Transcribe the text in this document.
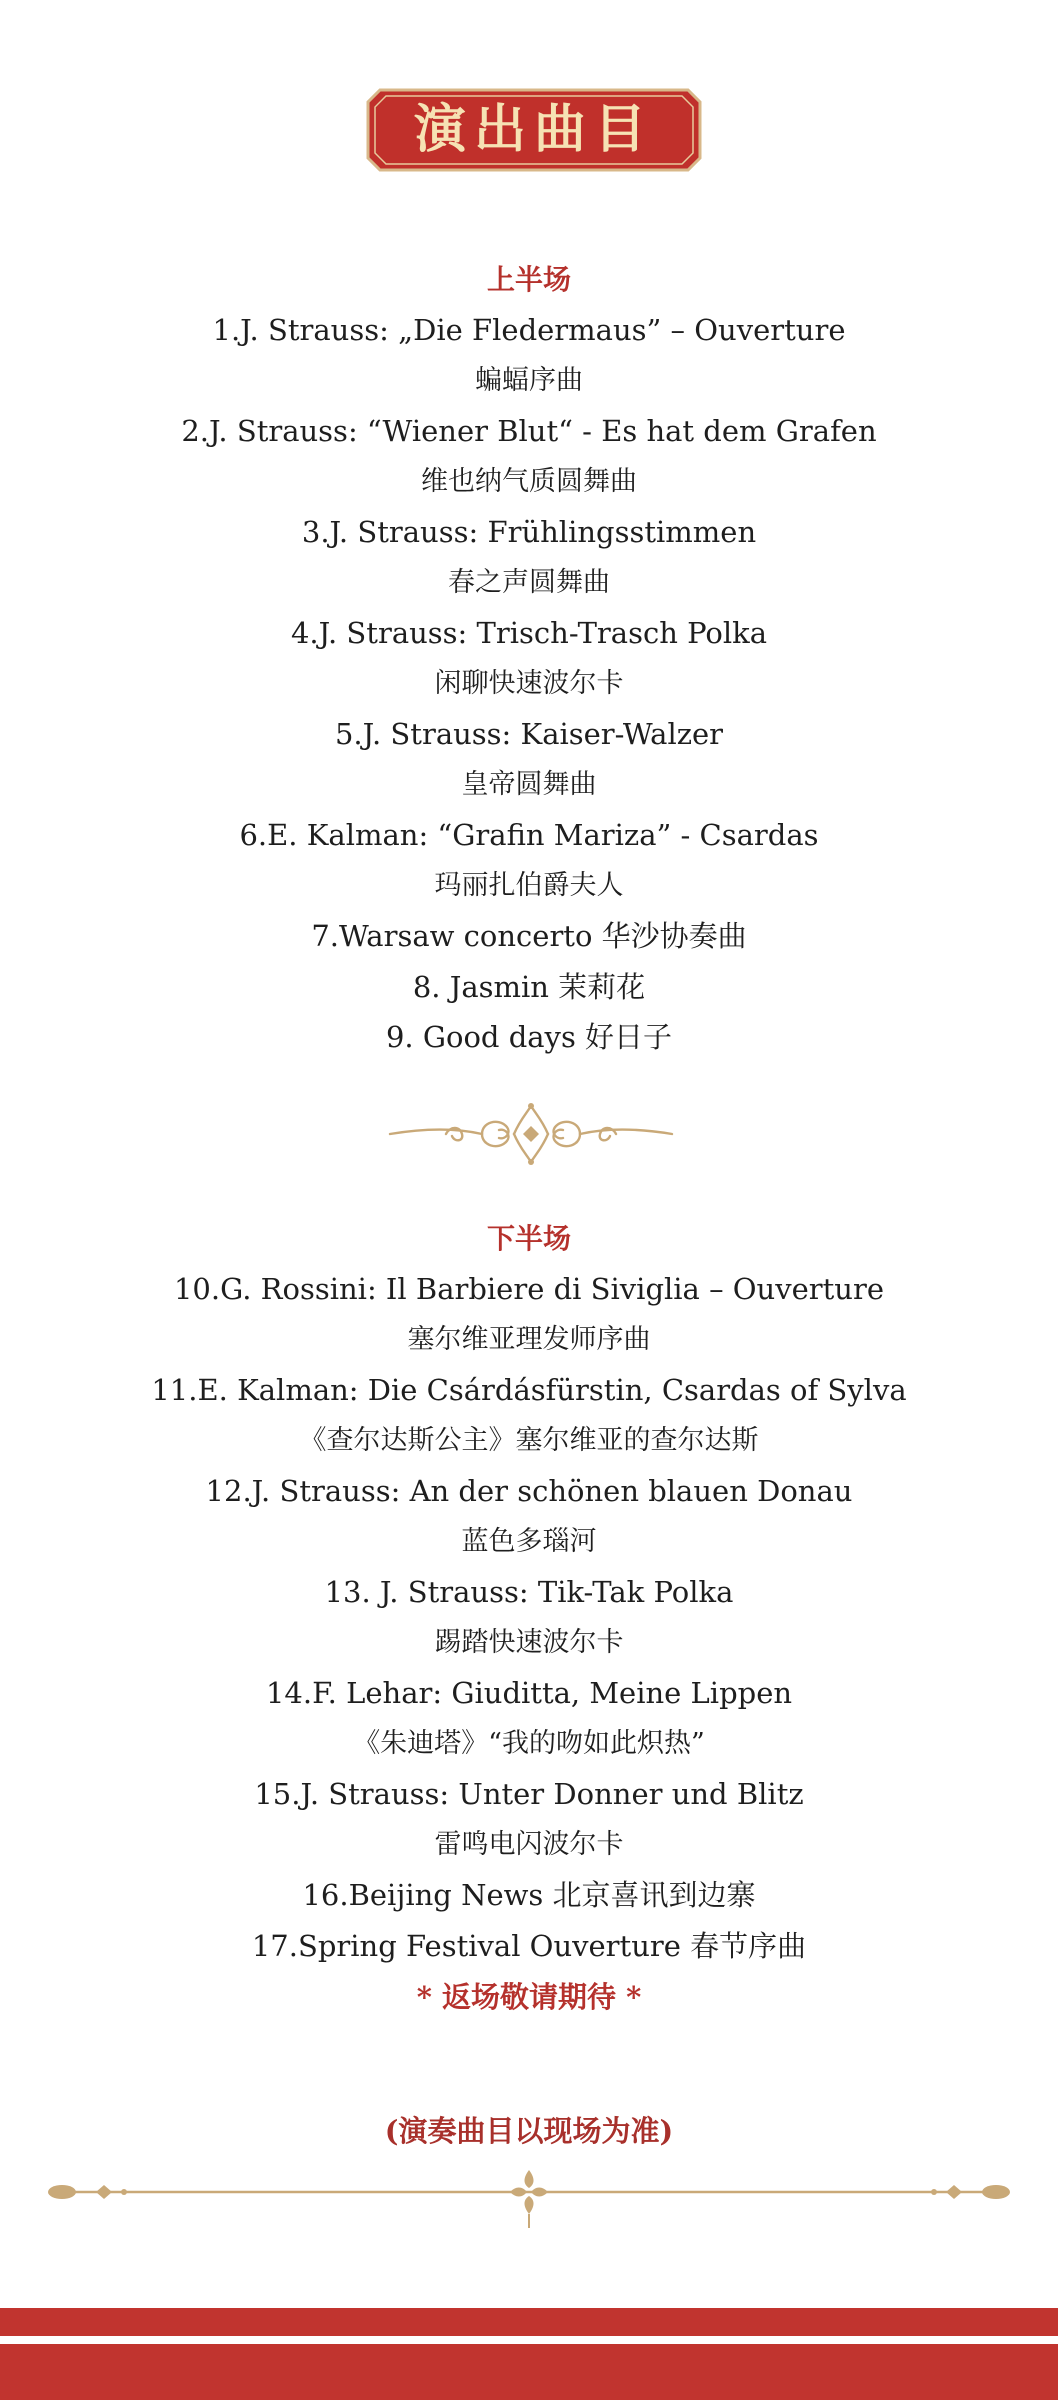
演出曲目
上半场
1.J. Strauss: „Die Fledermaus” – Ouverture
蝙蝠序曲
2.J. Strauss: “Wiener Blut“ - Es hat dem Grafen
维也纳气质圆舞曲
3.J. Strauss: Frühlingsstimmen
春之声圆舞曲
4.J. Strauss: Trisch-Trasch Polka
闲聊快速波尔卡
5.J. Strauss: Kaiser-Walzer
皇帝圆舞曲
6.E. Kalman: “Grafin Mariza” - Csardas
玛丽扎伯爵夫人
7.Warsaw concerto 华沙协奏曲
8. Jasmin 茉莉花
9. Good days 好日子
下半场
10.G. Rossini: Il Barbiere di Siviglia – Ouverture
塞尔维亚理发师序曲
11.E. Kalman: Die Csárdásfürstin, Csardas of Sylva
《查尔达斯公主》塞尔维亚的查尔达斯
12.J. Strauss: An der schönen blauen Donau
蓝色多瑙河
13. J. Strauss: Tik-Tak Polka
踢踏快速波尔卡
14.F. Lehar: Giuditta, Meine Lippen
《朱迪塔》“我的吻如此炽热”
15.J. Strauss: Unter Donner und Blitz
雷鸣电闪波尔卡
16.Beijing News 北京喜讯到边寨
17.Spring Festival Ouverture 春节序曲
* 返场敬请期待 *
(演奏曲目以现场为准)
